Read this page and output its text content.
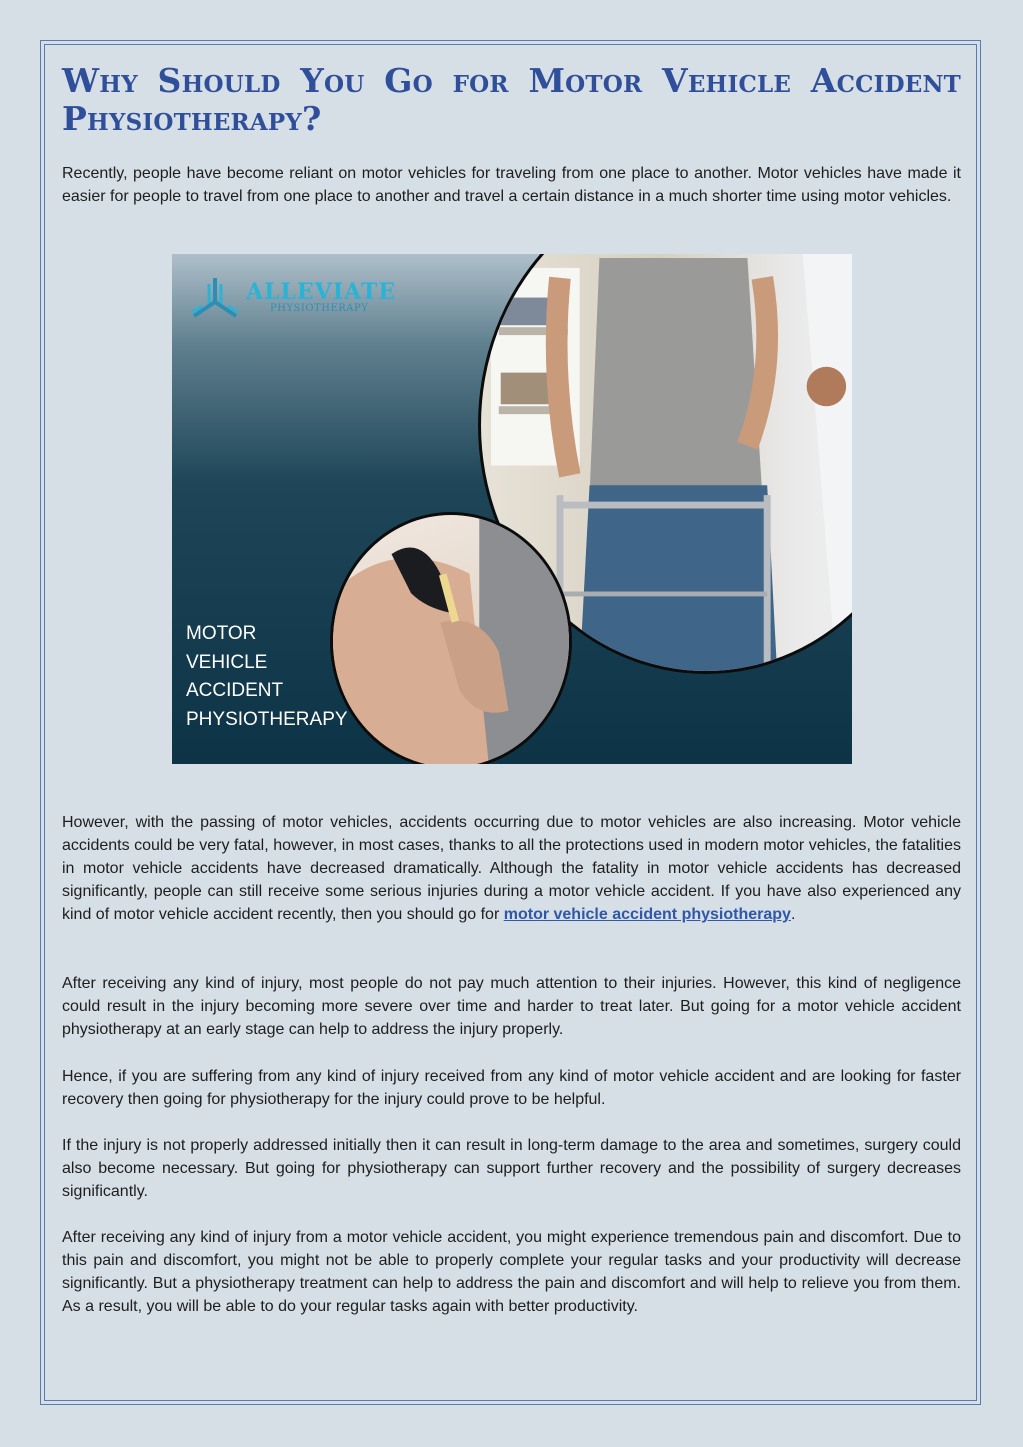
Why Should You Go for Motor Vehicle Accident Physiotherapy?

Recently, people have become reliant on motor vehicles for traveling from one place to another. Motor vehicles have made it easier for people to travel from one place to another and travel a certain distance in a much shorter time using motor vehicles.

ALLEVIATE
PHYSIOTHERAPY
MOTOR
VEHICLE
ACCIDENT
PHYSIOTHERAPY

However, with the passing of motor vehicles, accidents occurring due to motor vehicles are also increasing. Motor vehicle accidents could be very fatal, however, in most cases, thanks to all the protections used in modern motor vehicles, the fatalities in motor vehicle accidents have decreased dramatically. Although the fatality in motor vehicle accidents has decreased significantly, people can still receive some serious injuries during a motor vehicle accident. If you have also experienced any kind of motor vehicle accident recently, then you should go for motor vehicle accident physiotherapy.

After receiving any kind of injury, most people do not pay much attention to their injuries. However, this kind of negligence could result in the injury becoming more severe over time and harder to treat later. But going for a motor vehicle accident physiotherapy at an early stage can help to address the injury properly.

Hence, if you are suffering from any kind of injury received from any kind of motor vehicle accident and are looking for faster recovery then going for physiotherapy for the injury could prove to be helpful.

If the injury is not properly addressed initially then it can result in long-term damage to the area and sometimes, surgery could also become necessary. But going for physiotherapy can support further recovery and the possibility of surgery decreases significantly.

After receiving any kind of injury from a motor vehicle accident, you might experience tremendous pain and discomfort. Due to this pain and discomfort, you might not be able to properly complete your regular tasks and your productivity will decrease significantly. But a physiotherapy treatment can help to address the pain and discomfort and will help to relieve you from them. As a result, you will be able to do your regular tasks again with better productivity.
